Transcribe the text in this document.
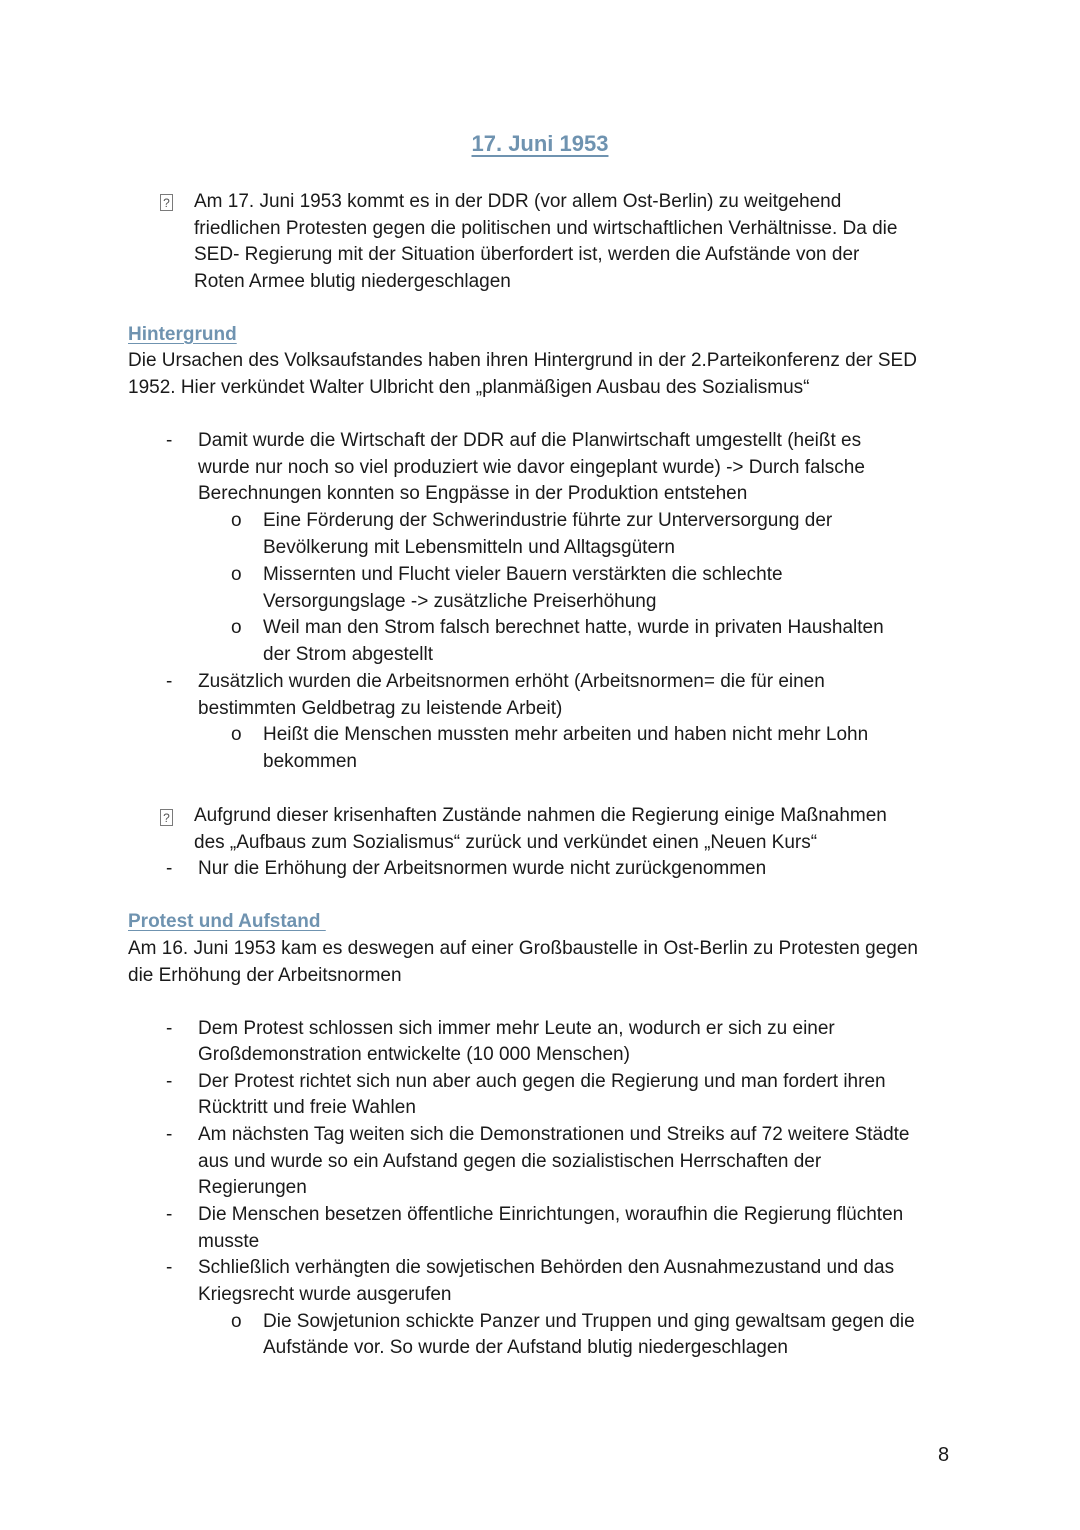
17. Juni 1953
? Am 17. Juni 1953 kommt es in der DDR (vor allem Ost-Berlin) zu weitgehend
friedlichen Protesten gegen die politischen und wirtschaftlichen Verhältnisse. Da die
SED- Regierung mit der Situation überfordert ist, werden die Aufstände von der
Roten Armee blutig niedergeschlagen
Hintergrund
Die Ursachen des Volksaufstandes haben ihren Hintergrund in der 2.Parteikonferenz der SED
1952. Hier verkündet Walter Ulbricht den „planmäßigen Ausbau des Sozialismus“
- Damit wurde die Wirtschaft der DDR auf die Planwirtschaft umgestellt (heißt es
wurde nur noch so viel produziert wie davor eingeplant wurde) -> Durch falsche
Berechnungen konnten so Engpässe in der Produktion entstehen
o Eine Förderung der Schwerindustrie führte zur Unterversorgung der
Bevölkerung mit Lebensmitteln und Alltagsgütern
o Missernten und Flucht vieler Bauern verstärkten die schlechte
Versorgungslage -> zusätzliche Preiserhöhung
o Weil man den Strom falsch berechnet hatte, wurde in privaten Haushalten
der Strom abgestellt
- Zusätzlich wurden die Arbeitsnormen erhöht (Arbeitsnormen= die für einen
bestimmten Geldbetrag zu leistende Arbeit)
o Heißt die Menschen mussten mehr arbeiten und haben nicht mehr Lohn
bekommen
? Aufgrund dieser krisenhaften Zustände nahmen die Regierung einige Maßnahmen
des „Aufbaus zum Sozialismus“ zurück und verkündet einen „Neuen Kurs“
- Nur die Erhöhung der Arbeitsnormen wurde nicht zurückgenommen
Protest und Aufstand
Am 16. Juni 1953 kam es deswegen auf einer Großbaustelle in Ost-Berlin zu Protesten gegen
die Erhöhung der Arbeitsnormen
- Dem Protest schlossen sich immer mehr Leute an, wodurch er sich zu einer
Großdemonstration entwickelte (10 000 Menschen)
- Der Protest richtet sich nun aber auch gegen die Regierung und man fordert ihren
Rücktritt und freie Wahlen
- Am nächsten Tag weiten sich die Demonstrationen und Streiks auf 72 weitere Städte
aus und wurde so ein Aufstand gegen die sozialistischen Herrschaften der
Regierungen
- Die Menschen besetzen öffentliche Einrichtungen, woraufhin die Regierung flüchten
musste
- Schließlich verhängten die sowjetischen Behörden den Ausnahmezustand und das
Kriegsrecht wurde ausgerufen
o Die Sowjetunion schickte Panzer und Truppen und ging gewaltsam gegen die
Aufstände vor. So wurde der Aufstand blutig niedergeschlagen
8
